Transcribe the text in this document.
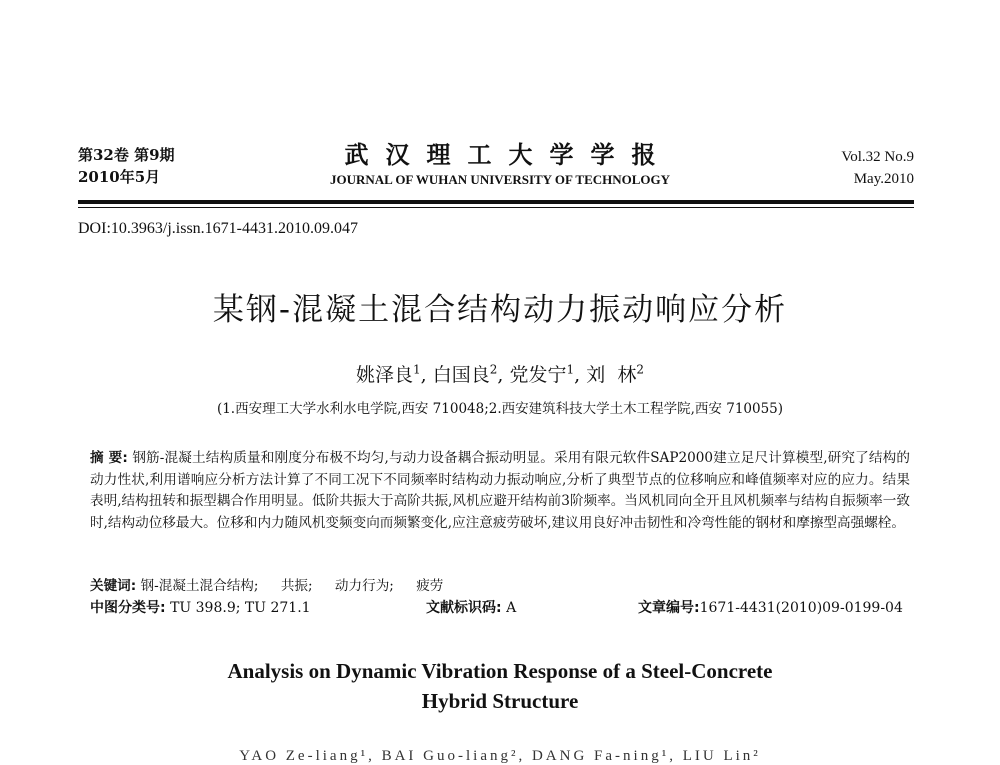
第32卷 第9期
2010年5月
武汉理工大学学报
JOURNAL OF WUHAN UNIVERSITY OF TECHNOLOGY
Vol.32 No.9
May.2010
DOI:10.3963/j.issn.1671-4431.2010.09.047
某钢-混凝土混合结构动力振动响应分析
姚泽良$^1$, 白国良$^2$, 党发宁$^1$, 刘  林$^2$
(1.西安理工大学水利水电学院,西安 710048;2.西安建筑科技大学土木工程学院,西安 710055)
摘 要: 钢筋-混凝土结构质量和刚度分布极不均匀,与动力设备耦合振动明显。采用有限元软件SAP2000建立足尺计算模型,研究了结构的动力性状,利用谱响应分析方法计算了不同工况下不同频率时结构动力振动响应,分析了典型节点的位移响应和峰值频率对应的应力。结果表明,结构扭转和振型耦合作用明显。低阶共振大于高阶共振,风机应避开结构前3阶频率。当风机同向全开且风机频率与结构自振频率一致时,结构动位移最大。位移和内力随风机变频变向而频繁变化,应注意疲劳破坏,建议用良好冲击韧性和冷弯性能的钢材和摩擦型高强螺栓。
关键词: 钢-混凝土混合结构; 共振; 动力行为; 疲劳
中图分类号: TU 398.9; TU 271.1	文献标识码: A	文章编号:1671-4431(2010)09-0199-04
Analysis on Dynamic Vibration Response of a Steel-Concrete
Hybrid Structure
YAO Ze-liang¹, BAI Guo-liang², DANG Fa-ning¹, LIU Lin²
